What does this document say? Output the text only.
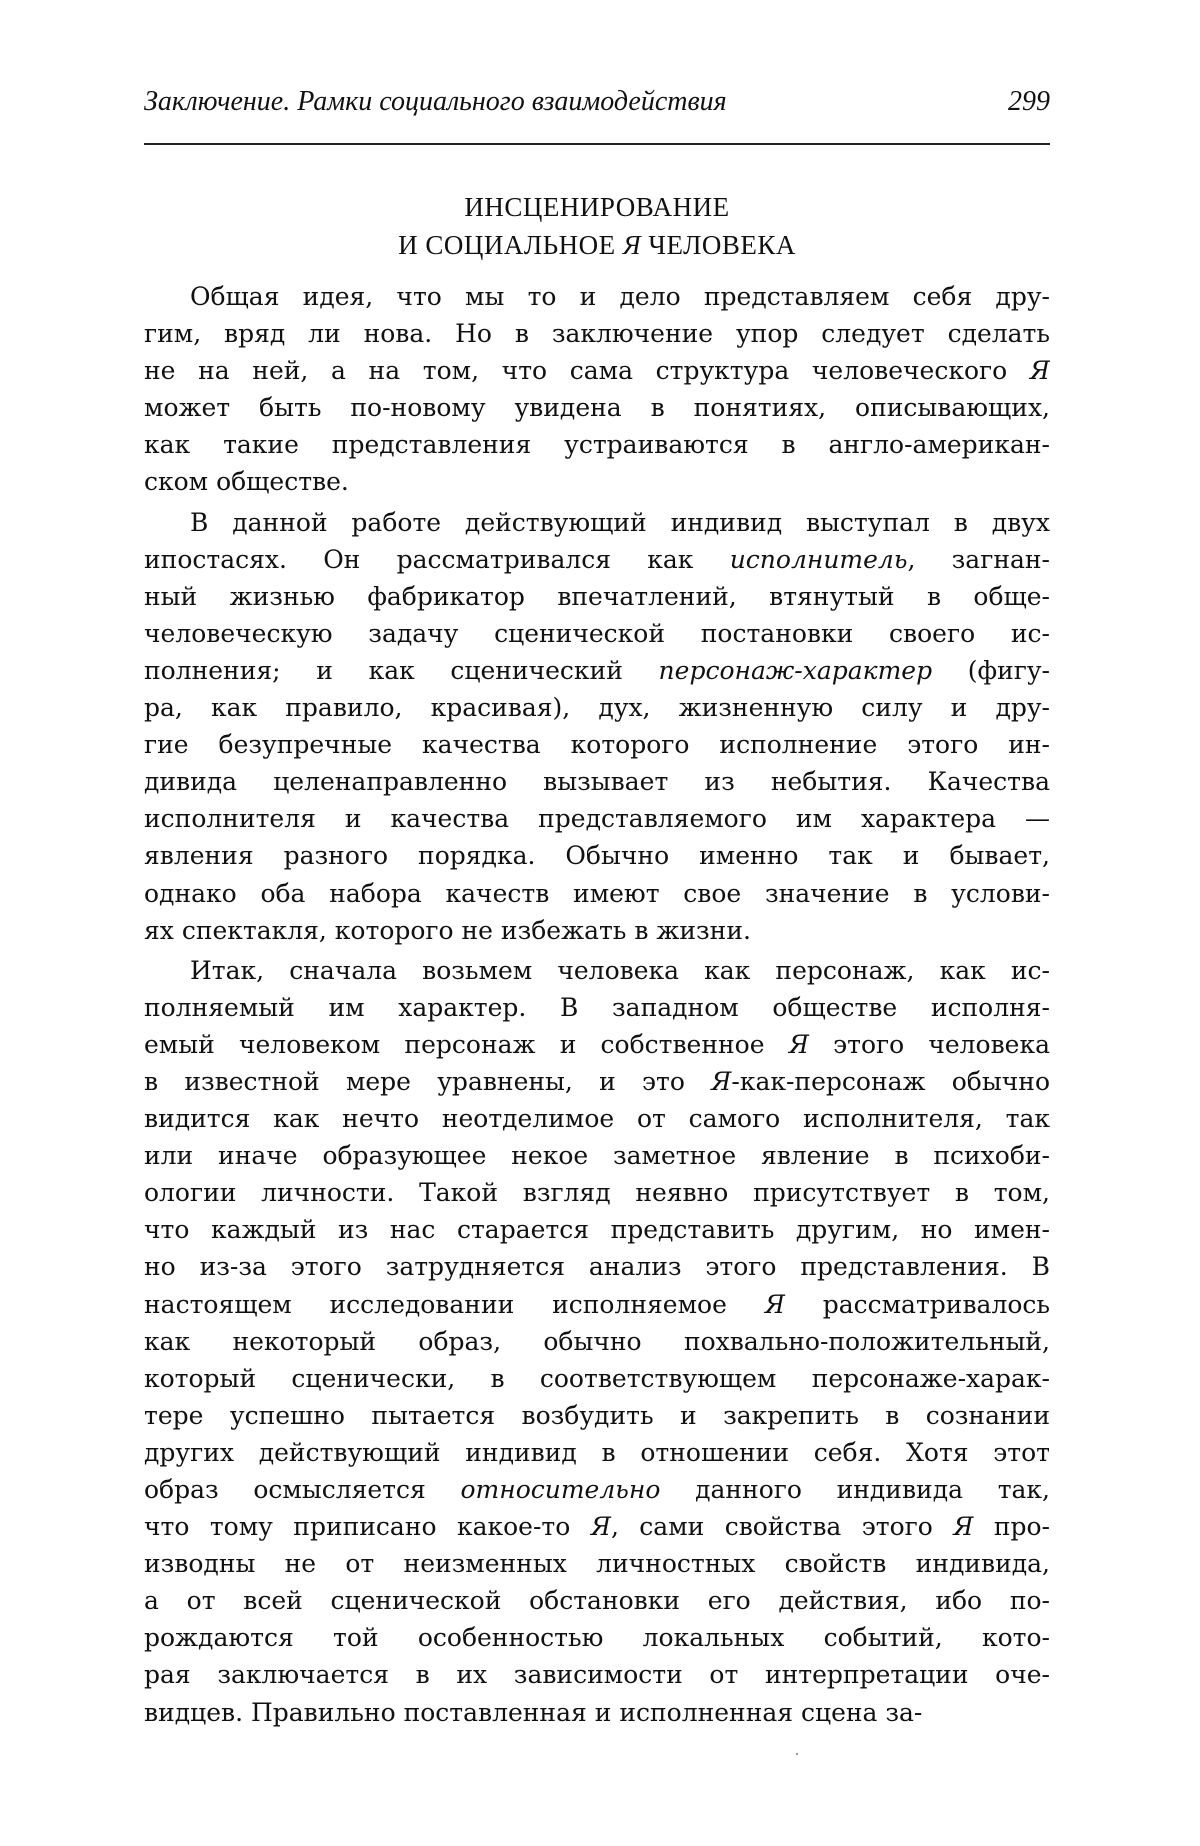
Заключение. Рамки социального взаимодействия	299
ИНСЦЕНИРОВАНИЕ
И СОЦИАЛЬНОЕ Я ЧЕЛОВЕКА
Общая идея, что мы то и дело представляем себя дру-
гим, вряд ли нова. Но в заключение упор следует сделать
не на ней, а на том, что сама структура человеческого Я
может быть по-новому увидена в понятиях, описывающих,
как такие представления устраиваются в англо-американ-
ском обществе.
В данной работе действующий индивид выступал в двух
ипостасях. Он рассматривался как исполнитель, загнан-
ный жизнью фабрикатор впечатлений, втянутый в обще-
человеческую задачу сценической постановки своего ис-
полнения; и как сценический персонаж-характер (фигу-
ра, как правило, красивая), дух, жизненную силу и дру-
гие безупречные качества которого исполнение этого ин-
дивида целенаправленно вызывает из небытия. Качества
исполнителя и качества представляемого им характера —
явления разного порядка. Обычно именно так и бывает,
однако оба набора качеств имеют свое значение в услови-
ях спектакля, которого не избежать в жизни.
Итак, сначала возьмем человека как персонаж, как ис-
полняемый им характер. В западном обществе исполня-
емый человеком персонаж и собственное Я этого человека
в известной мере уравнены, и это Я-как-персонаж обычно
видится как нечто неотделимое от самого исполнителя, так
или иначе образующее некое заметное явление в психоби-
ологии личности. Такой взгляд неявно присутствует в том,
что каждый из нас старается представить другим, но имен-
но из-за этого затрудняется анализ этого представления. В
настоящем исследовании исполняемое Я рассматривалось
как некоторый образ, обычно похвально-положительный,
который сценически, в соответствующем персонаже-харак-
тере успешно пытается возбудить и закрепить в сознании
других действующий индивид в отношении себя. Хотя этот
образ осмысляется относительно данного индивида так,
что тому приписано какое-то Я, сами свойства этого Я про-
изводны не от неизменных личностных свойств индивида,
а от всей сценической обстановки его действия, ибо по-
рождаются той особенностью локальных событий, кото-
рая заключается в их зависимости от интерпретации оче-
видцев. Правильно поставленная и исполненная сцена за-
